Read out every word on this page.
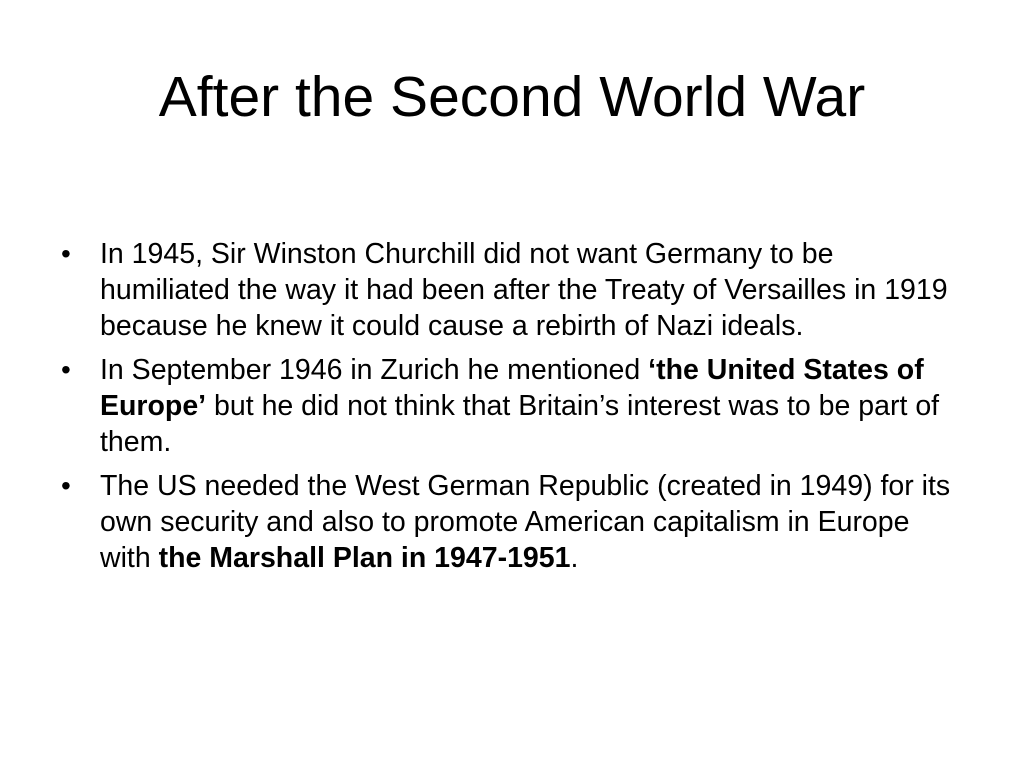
After the Second World War
• In 1945, Sir Winston Churchill did not want Germany to be humiliated the way it had been after the Treaty of Versailles in 1919 because he knew it could cause a rebirth of Nazi ideals.
• In September 1946 in Zurich he mentioned ‘the United States of Europe’ but he did not think that Britain’s interest was to be part of them.
• The US needed the West German Republic (created in 1949) for its own security and also to promote American capitalism in Europe with the Marshall Plan in 1947-1951.
